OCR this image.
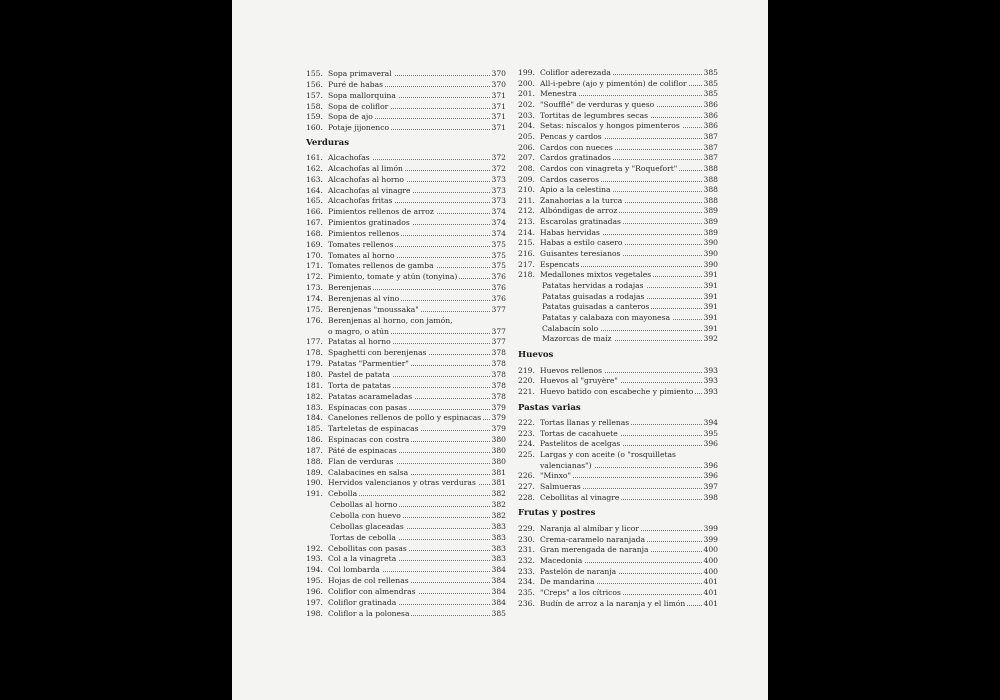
155. Sopa primaveral	370
156. Puré de habas	370
157. Sopa mallorquina	371
158. Sopa de coliflor	371
159. Sopa de ajo	371
160. Potaje jijonenco	371
Verduras
161. Alcachofas	372
162. Alcachofas al limón	372
163. Alcachofas al horno	373
164. Alcachofas al vinagre	373
165. Alcachofas fritas	373
166. Pimientos rellenos de arroz	374
167. Pimientos gratinados	374
168. Pimientos rellenos	374
169. Tomates rellenos	375
170. Tomates al horno	375
171. Tomates rellenos de gamba	375
172. Pimiento, tomate y atún (tonyina)	376
173. Berenjenas	376
174. Berenjenas al vino	376
175. Berenjenas "moussaka"	377
176. Berenjenas al horno, con jamón,
o magro, o atún	377
177. Patatas al horno	377
178. Spaghetti con berenjenas	378
179. Patatas "Parmentier"	378
180. Pastel de patata	378
181. Torta de patatas	378
182. Patatas acarameladas	378
183. Espinacas con pasas	379
184. Canelones rellenos de pollo y espinacas 379
185. Tarteletas de espinacas	379
186. Espinacas con costra	380
187. Páté de espinacas	380
188. Flan de verduras	380
189. Calabacines en salsa	381
190. Hervidos valencianos y otras verduras 381
191. Cebolla	382
Cebollas al horno	382
Cebolla con huevo	382
Cebollas glaceadas	383
Tortas de cebolla	383
192. Cebollitas con pasas	383
193. Col a la vinagreta	383
194. Col lombarda	384
195. Hojas de col rellenas	384
196. Coliflor con almendras	384
197. Coliflor gratinada	384
198. Coliflor a la polonesa	385
199. Coliflor aderezada	385
200. All-i-pebre (ajo y pimentón) de coliflor 385
201. Menestra	385
202. "Soufflé" de verduras y queso	386
203. Tortitas de legumbres secas	386
204. Setas: níscalos y hongos pimenteros	386
205. Pencas y cardos	387
206. Cardos con nueces	387
207. Cardos gratinados	387
208. Cardos con vinagreta y "Roquefort"	388
209. Cardos caseros	388
210. Apio a la celestina	388
211. Zanahorias a la turca	388
212. Albóndigas de arroz	389
213. Escarolas gratinadas	389
214. Habas hervidas	389
215. Habas a estilo casero	390
216. Guisantes teresianos	390
217. Espencats	390
218. Medallones mixtos vegetales	391
Patatas hervidas a rodajas	391
Patatas guisadas a rodajas	391
Patatas guisadas a canteros	391
Patatas y calabaza con mayonesa	391
Calabacín solo	391
Mazorcas de maíz	392
Huevos
219. Huevos rellenos	393
220. Huevos al "gruyère"	393
221. Huevo batido con escabeche y pimiento 393
Pastas varias
222. Tortas llanas y rellenas	394
223. Tortas de cacahuete	395
224. Pastelitos de acelgas	396
225. Largas y con aceite (o "rosquilletas
valencianas")	396
226. "Minxo"	396
227. Salmueras	397
228. Cebollitas al vinagre	398
Frutas y postres
229. Naranja al almíbar y licor	399
230. Crema-caramelo naranjada	399
231. Gran merengada de naranja	400
232. Macedonia	400
233. Pastelón de naranja	400
234. De mandarina	401
235. "Creps" a los cítricos	401
236. Budín de arroz a la naranja y el limón 401
